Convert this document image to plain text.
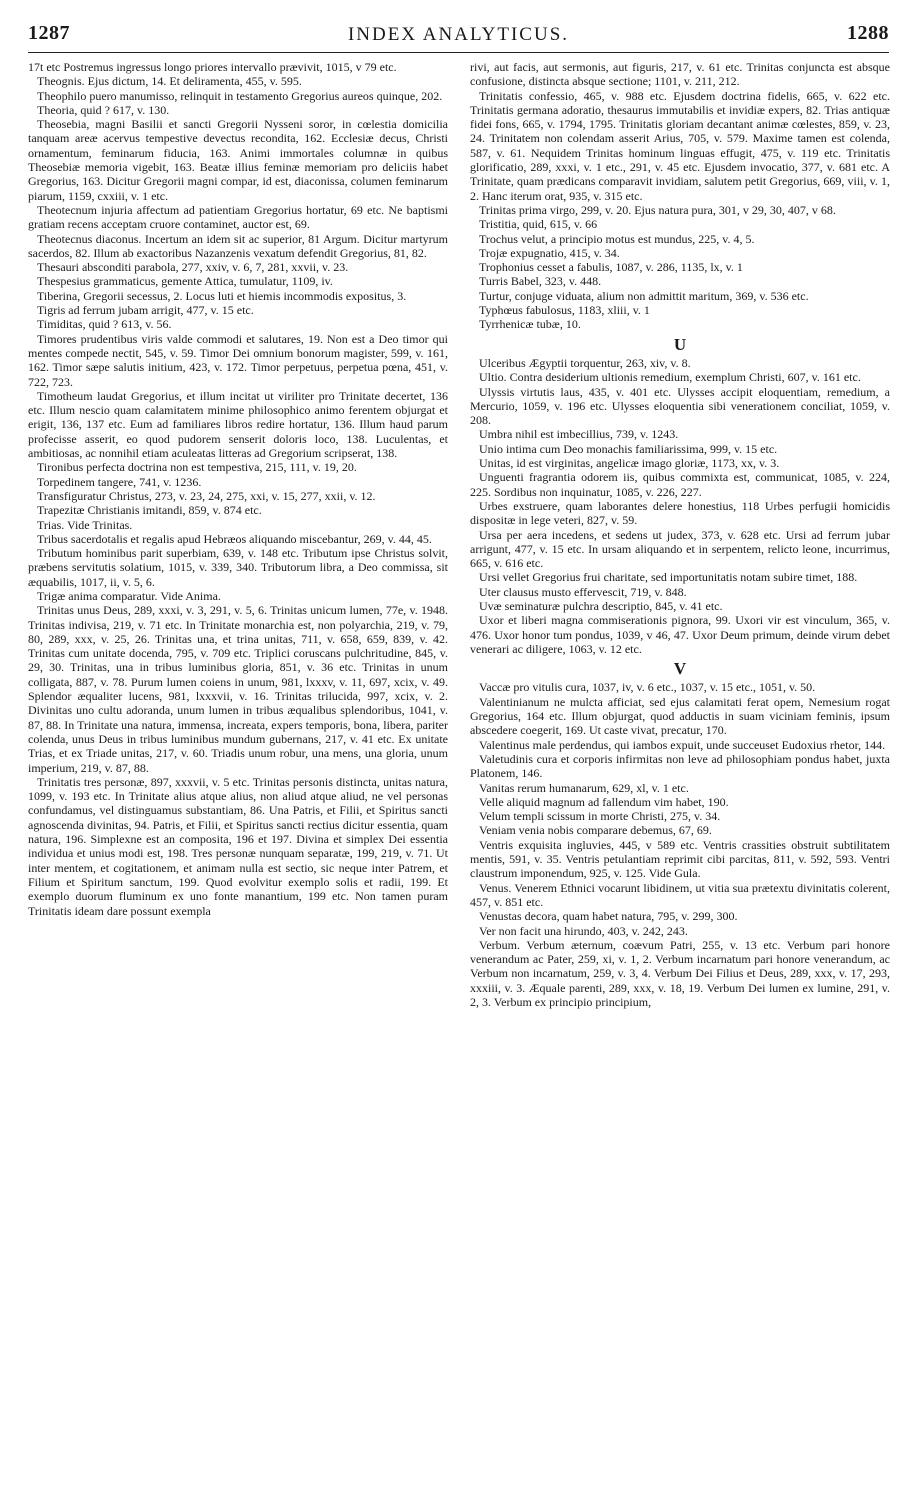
1287	INDEX ANALYTICUS.	1288

17t etc Postremus ingressus longo priores intervallo prævivit, 1015, v 79 etc.

Theognis. Ejus dictum, 14. Et deliramenta, 455, v. 595.

Theophilo puero manumisso, relinquit in testamento Gregorius aureos quinque, 202.

Theoria, quid ? 617, v. 130.

Theosebia, magni Basilii et sancti Gregorii Nysseni soror, in cœlestia domicilia tanquam areæ acervus tempestive devectus recondita, 162. Ecclesiæ decus, Christi ornamentum, feminarum fiducia, 163. Animi immortales columnæ in quibus Theosebiæ memoria vigebit, 163. Beatæ illius feminæ memoriam pro deliciis habet Gregorius, 163. Dicitur Gregorii magni compar, id est, diaconissa, columen feminarum piarum, 1159, cxxiii, v. 1 etc.

Theotecnum injuria affectum ad patientiam Gregorius hortatur, 69 etc. Ne baptismi gratiam recens acceptam cruore contaminet, auctor est, 69.

Theotecnus diaconus. Incertum an idem sit ac superior, 81 Argum. Dicitur martyrum sacerdos, 82. Illum ab exactoribus Nazanzenis vexatum defendit Gregorius, 81, 82.

Thesauri absconditi parabola, 277, xxiv, v. 6, 7, 281, xxvii, v. 23.

Thespesius grammaticus, gemente Attica, tumulatur, 1109, iv.

Tiberina, Gregorii secessus, 2. Locus luti et hiemis incommodis expositus, 3.

Tigris ad ferrum jubam arrigit, 477, v. 15 etc.

Timiditas, quid ? 613, v. 56.

Timores prudentibus viris valde commodi et salutares, 19. Non est a Deo timor qui mentes compede nectit, 545, v. 59. Timor Dei omnium bonorum magister, 599, v. 161, 162. Timor sæpe salutis initium, 423, v. 172. Timor perpetuus, perpetua pœna, 451, v. 722, 723.

Timotheum laudat Gregorius, et illum incitat ut viriliter pro Trinitate decertet, 136 etc. Illum nescio quam calamitatem minime philosophico animo ferentem objurgat et erigit, 136, 137 etc. Eum ad familiares libros redire hortatur, 136. Illum haud parum profecisse asserit, eo quod pudorem senserit doloris loco, 138. Luculentas, et ambitiosas, ac nonnihil etiam aculeatas litteras ad Gregorium scripserat, 138.

Tironibus perfecta doctrina non est tempestiva, 215, 111, v. 19, 20.

Torpedinem tangere, 741, v. 1236.

Transfiguratur Christus, 273, v. 23, 24, 275, xxi, v. 15, 277, xxii, v. 12.

Trapezitæ Christianis imitandi, 859, v. 874 etc.

Trias. Vide Trinitas.

Tribus sacerdotalis et regalis apud Hebræos aliquando miscebantur, 269, v. 44, 45.

Tributum hominibus parit superbiam, 639, v. 148 etc. Tributum ipse Christus solvit, præbens servitutis solatium, 1015, v. 339, 340. Tributorum libra, a Deo commissa, sit æquabilis, 1017, ii, v. 5, 6.

Trigæ anima comparatur. Vide Anima.

Trinitas unus Deus, 289, xxxi, v. 3, 291, v. 5, 6. Trinitas unicum lumen, 77e, v. 1948. Trinitas indivisa, 219, v. 71 etc. In Trinitate monarchia est, non polyarchia, 219, v. 79, 80, 289, xxx, v. 25, 26. Trinitas una, et trina unitas, 711, v. 658, 659, 839, v. 42. Trinitas cum unitate docenda, 795, v. 709 etc. Triplici coruscans pulchritudine, 845, v. 29, 30. Trinitas, una in tribus luminibus gloria, 851, v. 36 etc. Trinitas in unum colligata, 887, v. 78. Purum lumen coiens in unum, 981, lxxxv, v. 11, 697, xcix, v. 49. Splendor æqualiter lucens, 981, lxxxvii, v. 16. Trinitas trilucida, 997, xcix, v. 2. Divinitas uno cultu adoranda, unum lumen in tribus æqualibus splendoribus, 1041, v. 87, 88. In Trinitate una natura, immensa, increata, expers temporis, bona, libera, pariter colenda, unus Deus in tribus luminibus mundum gubernans, 217, v. 41 etc. Ex unitate Trias, et ex Triade unitas, 217, v. 60. Triadis unum robur, una mens, una gloria, unum imperium, 219, v. 87, 88.

Trinitatis tres personæ, 897, xxxvii, v. 5 etc. Trinitas personis distincta, unitas natura, 1099, v. 193 etc. In Trinitate alius atque alius, non aliud atque aliud, ne vel personas confundamus, vel distinguamus substantiam, 86. Una Patris, et Filii, et Spiritus sancti agnoscenda divinitas, 94. Patris, et Filii, et Spiritus sancti rectius dicitur essentia, quam natura, 196. Simplexne est an composita, 196 et 197. Divina et simplex Dei essentia individua et unius modi est, 198. Tres personæ nunquam separatæ, 199, 219, v. 71. Ut inter mentem, et cogitationem, et animam nulla est sectio, sic neque inter Patrem, et Filium et Spiritum sanctum, 199. Quod evolvitur exemplo solis et radii, 199. Et exemplo duorum fluminum ex uno fonte manantium, 199 etc. Non tamen puram Trinitatis ideam dare possunt exempla

rivi, aut facis, aut sermonis, aut figuris, 217, v. 61 etc. Trinitas conjuncta est absque confusione, distincta absque sectione; 1101, v. 211, 212.

Trinitatis confessio, 465, v. 988 etc. Ejusdem doctrina fidelis, 665, v. 622 etc. Trinitatis germana adoratio, thesaurus immutabilis et invidiæ expers, 82. Trias antiquæ fidei fons, 665, v. 1794, 1795. Trinitatis gloriam decantant animæ cœlestes, 859, v. 23, 24. Trinitatem non colendam asserit Arius, 705, v. 579. Maxime tamen est colenda, 587, v. 61. Nequidem Trinitas hominum linguas effugit, 475, v. 119 etc. Trinitatis glorificatio, 289, xxxi, v. 1 etc., 291, v. 45 etc. Ejusdem invocatio, 377, v. 681 etc. A Trinitate, quam prædicans comparavit invidiam, salutem petit Gregorius, 669, viii, v. 1, 2. Hanc iterum orat, 935, v. 315 etc.

Trinitas prima virgo, 299, v. 20. Ejus natura pura, 301, v 29, 30, 407, v 68.

Tristitia, quid, 615, v. 66

Trochus velut, a principio motus est mundus, 225, v. 4, 5.

Trojæ expugnatio, 415, v. 34.

Trophonius cesset a fabulis, 1087, v. 286, 1135, lx, v. 1

Turris Babel, 323, v. 448.

Turtur, conjuge viduata, alium non admittit maritum, 369, v. 536 etc.

Typhœus fabulosus, 1183, xliii, v. 1

Tyrrhenicæ tubæ, 10.

U

Ulceribus Ægyptii torquentur, 263, xiv, v. 8.

Ultio. Contra desiderium ultionis remedium, exemplum Christi, 607, v. 161 etc.

Ulyssis virtutis laus, 435, v. 401 etc. Ulysses accipit eloquentiam, remedium, a Mercurio, 1059, v. 196 etc. Ulysses eloquentia sibi venerationem conciliat, 1059, v. 208.

Umbra nihil est imbecillius, 739, v. 1243.

Unio intima cum Deo monachis familiarissima, 999, v. 15 etc.

Unitas, id est virginitas, angelicæ imago gloriæ, 1173, xx, v. 3.

Unguenti fragrantia odorem iis, quibus commixta est, communicat, 1085, v. 224, 225. Sordibus non inquinatur, 1085, v. 226, 227.

Urbes exstruere, quam laborantes delere honestius, 118 Urbes perfugii homicidis dispositæ in lege veteri, 827, v. 59.

Ursa per aera incedens, et sedens ut judex, 373, v. 628 etc. Ursi ad ferrum jubar arrigunt, 477, v. 15 etc. In ursam aliquando et in serpentem, relicto leone, incurrimus, 665, v. 616 etc.

Ursi vellet Gregorius frui charitate, sed importunitatis notam subire timet, 188.

Uter clausus musto effervescit, 719, v. 848.

Uvæ seminaturæ pulchra descriptio, 845, v. 41 etc.

Uxor et liberi magna commiserationis pignora, 99. Uxori vir est vinculum, 365, v. 476. Uxor honor tum pondus, 1039, v 46, 47. Uxor Deum primum, deinde virum debet venerari ac diligere, 1063, v. 12 etc.

V

Vaccæ pro vitulis cura, 1037, iv, v. 6 etc., 1037, v. 15 etc., 1051, v. 50.

Valentinianum ne mulcta afficiat, sed ejus calamitati ferat opem, Nemesium rogat Gregorius, 164 etc. Illum objurgat, quod adductis in suam viciniam feminis, ipsum abscedere coegerit, 169. Ut caste vivat, precatur, 170.

Valentinus male perdendus, qui iambos expuit, unde succeuset Eudoxius rhetor, 144.

Valetudinis cura et corporis infirmitas non leve ad philosophiam pondus habet, juxta Platonem, 146.

Vanitas rerum humanarum, 629, xl, v. 1 etc.

Velle aliquid magnum ad fallendum vim habet, 190.

Velum templi scissum in morte Christi, 275, v. 34.

Veniam venia nobis comparare debemus, 67, 69.

Ventris exquisita ingluvies, 445, v 589 etc. Ventris crassities obstruit subtilitatem mentis, 591, v. 35. Ventris petulantiam reprimit cibi parcitas, 811, v. 592, 593. Ventri claustrum imponendum, 925, v. 125. Vide Gula.

Venus. Venerem Ethnici vocarunt libidinem, ut vitia sua prætextu divinitatis colerent, 457, v. 851 etc.

Venustas decora, quam habet natura, 795, v. 299, 300.

Ver non facit una hirundo, 403, v. 242, 243.

Verbum. Verbum æternum, coævum Patri, 255, v. 13 etc. Verbum pari honore venerandum ac Pater, 259, xi, v. 1, 2. Verbum incarnatum pari honore venerandum, ac Verbum non incarnatum, 259, v. 3, 4. Verbum Dei Filius et Deus, 289, xxx, v. 17, 293, xxxiii, v. 3. Æquale parenti, 289, xxx, v. 18, 19. Verbum Dei lumen ex lumine, 291, v. 2, 3. Verbum ex principio principium,
